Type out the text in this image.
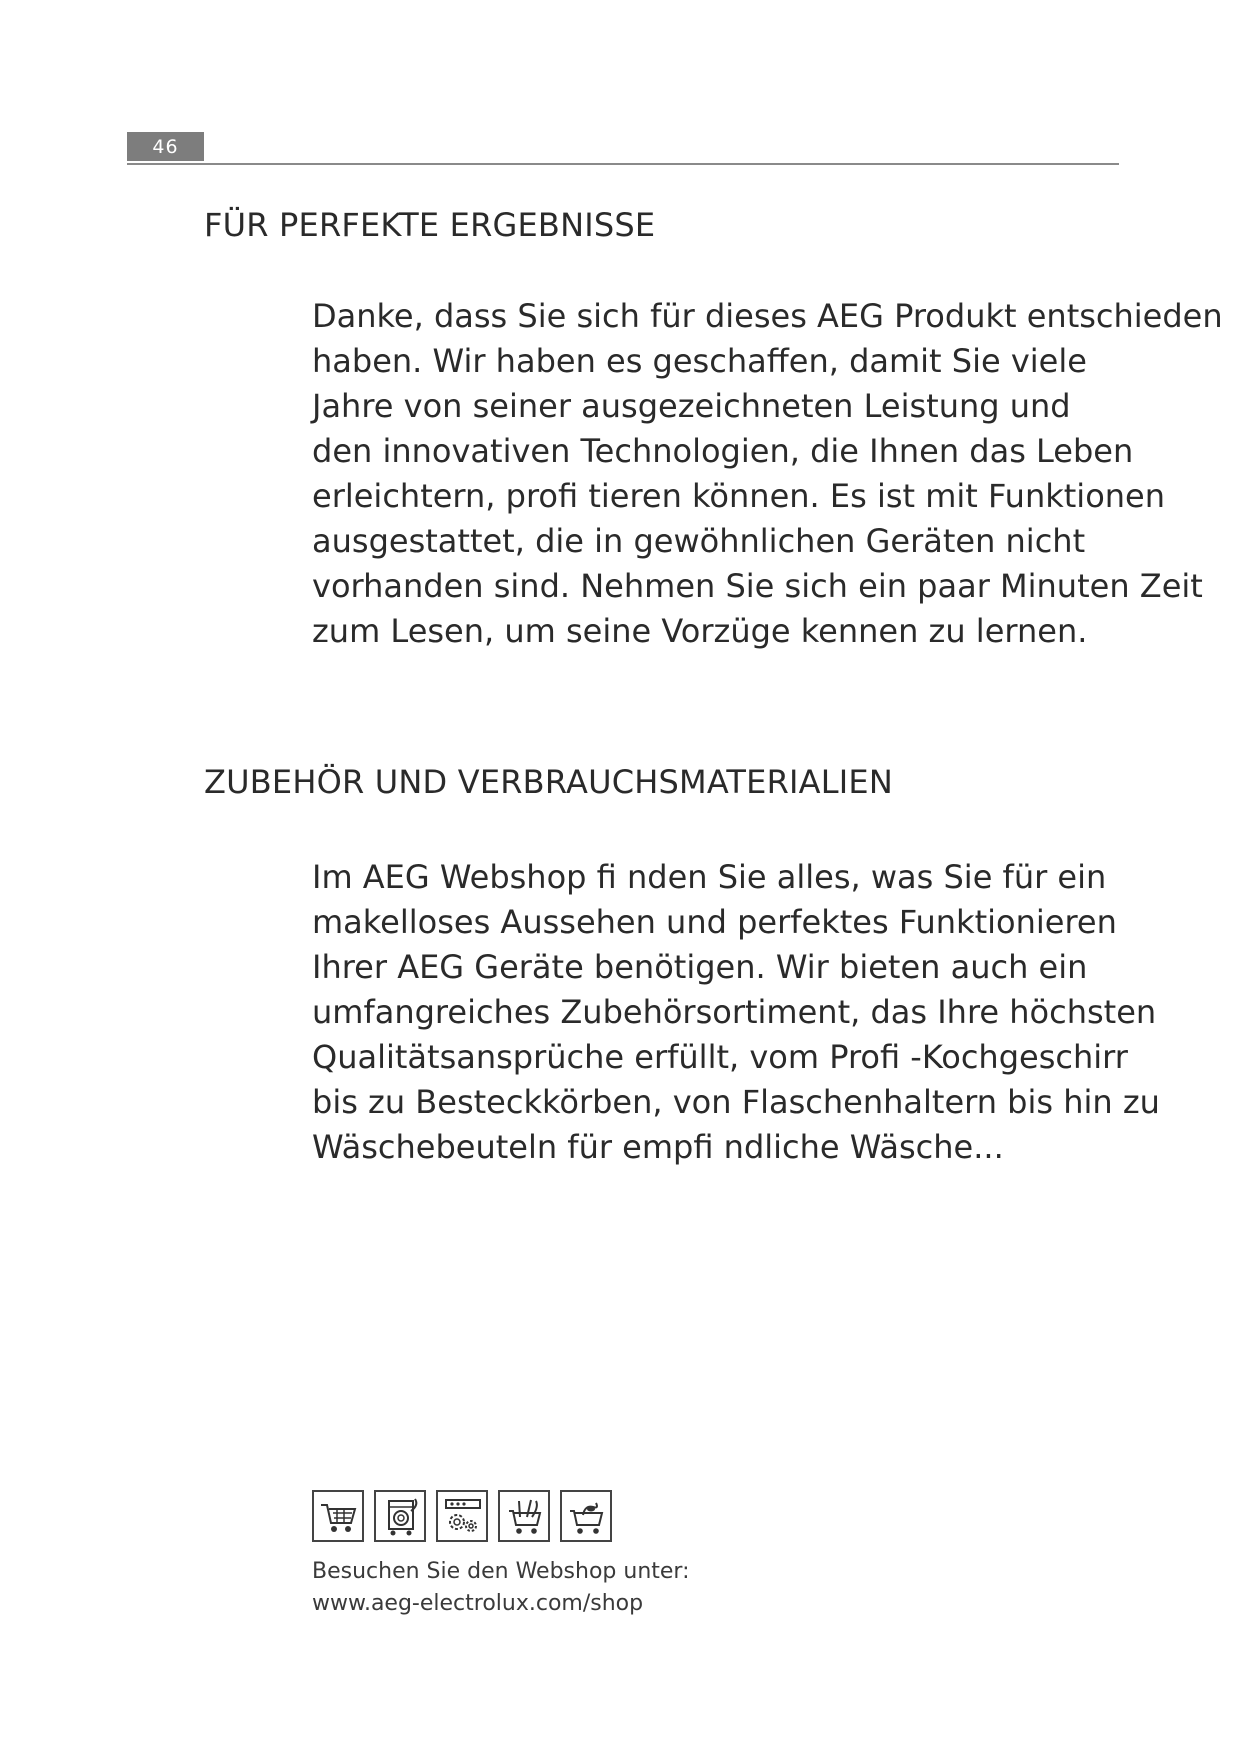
46
FÜR PERFEKTE ERGEBNISSE
Danke, dass Sie sich für dieses AEG Produkt entschieden
haben. Wir haben es geschaffen, damit Sie viele
Jahre von seiner ausgezeichneten Leistung und
den innovativen Technologien, die Ihnen das Leben
erleichtern, profi tieren können. Es ist mit Funktionen
ausgestattet, die in gewöhnlichen Geräten nicht
vorhanden sind. Nehmen Sie sich ein paar Minuten Zeit
zum Lesen, um seine Vorzüge kennen zu lernen.
ZUBEHÖR UND VERBRAUCHSMATERIALIEN
Im AEG Webshop fi nden Sie alles, was Sie für ein
makelloses Aussehen und perfektes Funktionieren
Ihrer AEG Geräte benötigen. Wir bieten auch ein
umfangreiches Zubehörsortiment, das Ihre höchsten
Qualitätsansprüche erfüllt, vom Profi -Kochgeschirr
bis zu Besteckkörben, von Flaschenhaltern bis hin zu
Wäschebeuteln für empfi ndliche Wäsche...
Besuchen Sie den Webshop unter:
www.aeg-electrolux.com/shop
